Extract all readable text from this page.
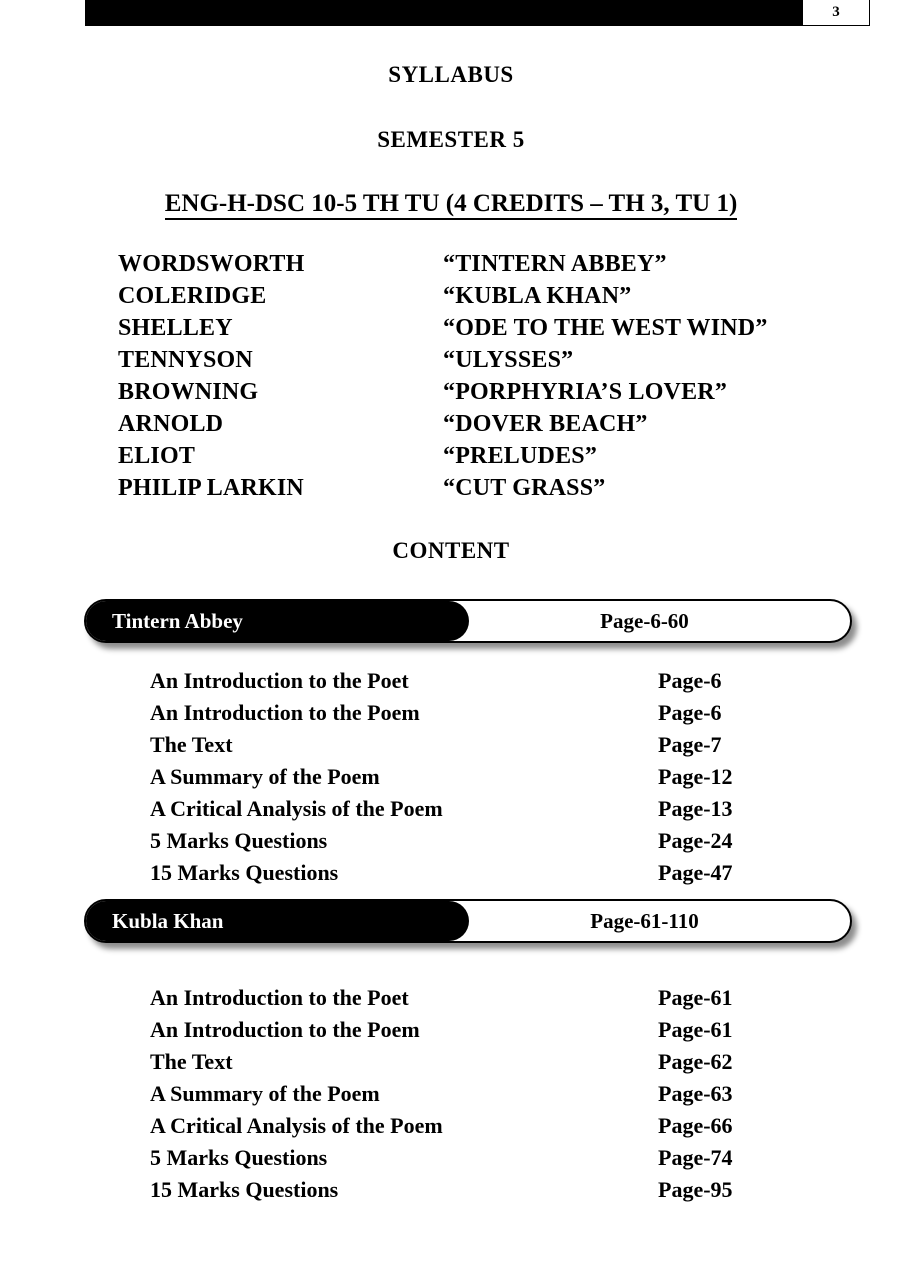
3
SYLLABUS
SEMESTER 5
ENG-H-DSC 10-5 TH TU (4 CREDITS – TH 3, TU 1)
WORDSWORTH	“TINTERN ABBEY”
COLERIDGE	“KUBLA KHAN”
SHELLEY	“ODE TO THE WEST WIND”
TENNYSON	“ULYSSES”
BROWNING	“PORPHYRIA’S LOVER”
ARNOLD	“DOVER BEACH”
ELIOT	“PRELUDES”
PHILIP LARKIN	“CUT GRASS”
CONTENT
Tintern Abbey	Page-6-60
An Introduction to the Poet	Page-6
An Introduction to the Poem	Page-6
The Text	Page-7
A Summary of the Poem	Page-12
A Critical Analysis of the Poem	Page-13
5 Marks Questions	Page-24
15 Marks Questions	Page-47
Kubla Khan	Page-61-110
An Introduction to the Poet	Page-61
An Introduction to the Poem	Page-61
The Text	Page-62
A Summary of the Poem	Page-63
A Critical Analysis of the Poem	Page-66
5 Marks Questions	Page-74
15 Marks Questions	Page-95
